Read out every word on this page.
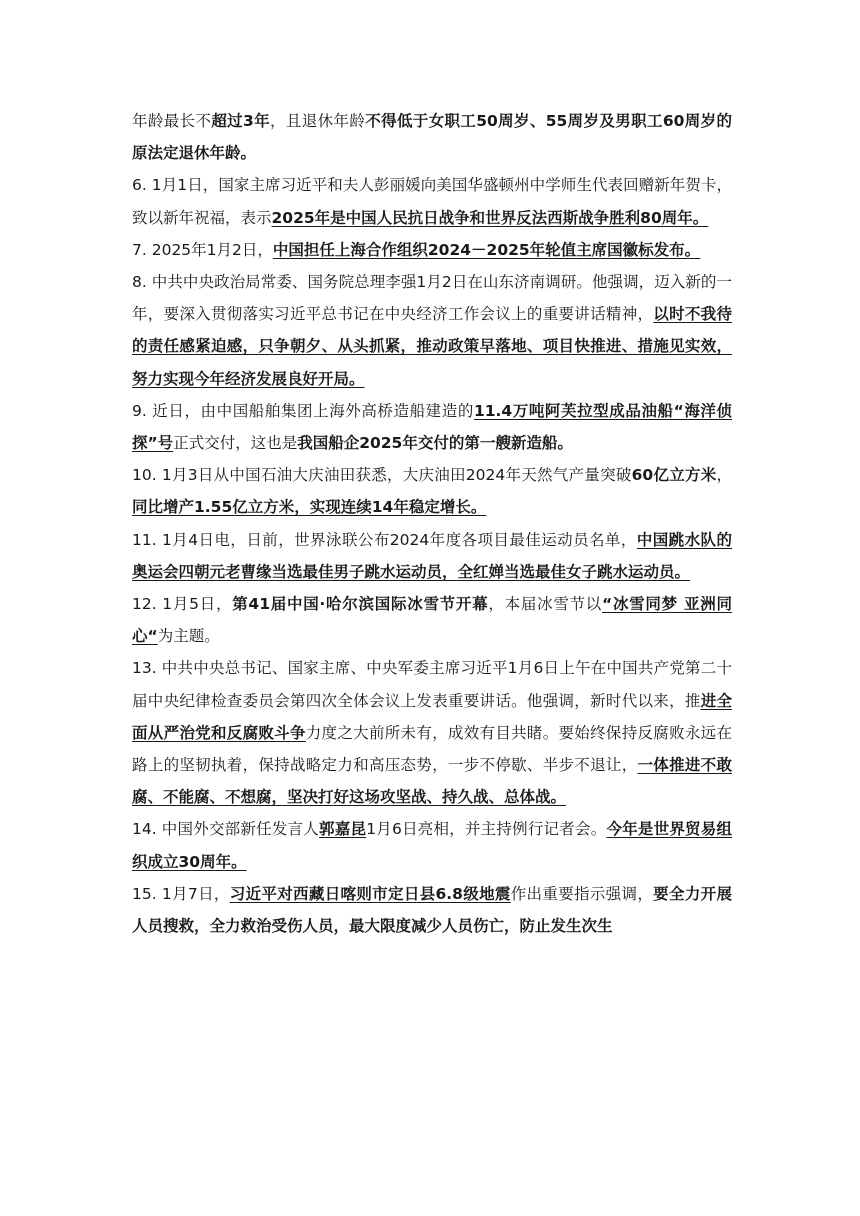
年龄最长不超过3年，且退休年龄不得低于女职工50周岁、55周岁及男职工60周岁的原法定退休年龄。

6. 1月1日，国家主席习近平和夫人彭丽媛向美国华盛顿州中学师生代表回赠新年贺卡，致以新年祝福，表示2025年是中国人民抗日战争和世界反法西斯战争胜利80周年。

7. 2025年1月2日，中国担任上海合作组织2024－2025年轮值主席国徽标发布。

8. 中共中央政治局常委、国务院总理李强1月2日在山东济南调研。他强调，迈入新的一年，要深入贯彻落实习近平总书记在中央经济工作会议上的重要讲话精神，以时不我待的责任感紧迫感，只争朝夕、从头抓紧，推动政策早落地、项目快推进、措施见实效，努力实现今年经济发展良好开局。

9. 近日，由中国船舶集团上海外高桥造船建造的11.4万吨阿芙拉型成品油船“海洋侦探”号正式交付，这也是我国船企2025年交付的第一艘新造船。

10. 1月3日从中国石油大庆油田获悉，大庆油田2024年天然气产量突破60亿立方米，同比增产1.55亿立方米，实现连续14年稳定增长。

11. 1月4日电，日前，世界泳联公布2024年度各项目最佳运动员名单，中国跳水队的奥运会四朝元老曹缘当选最佳男子跳水运动员，全红婵当选最佳女子跳水运动员。

12. 1月5日，第41届中国·哈尔滨国际冰雪节开幕，本届冰雪节以“冰雪同梦 亚洲同心“为主题。

13. 中共中央总书记、国家主席、中央军委主席习近平1月6日上午在中国共产党第二十届中央纪律检查委员会第四次全体会议上发表重要讲话。他强调，新时代以来，推进全面从严治党和反腐败斗争力度之大前所未有，成效有目共睹。要始终保持反腐败永远在路上的坚韧执着，保持战略定力和高压态势，一步不停歇、半步不退让，一体推进不敢腐、不能腐、不想腐，坚决打好这场攻坚战、持久战、总体战。

14. 中国外交部新任发言人郭嘉昆1月6日亮相，并主持例行记者会。今年是世界贸易组织成立30周年。

15. 1月7日，习近平对西藏日喀则市定日县6.8级地震作出重要指示强调，要全力开展人员搜救，全力救治受伤人员，最大限度减少人员伤亡，防止发生次生
